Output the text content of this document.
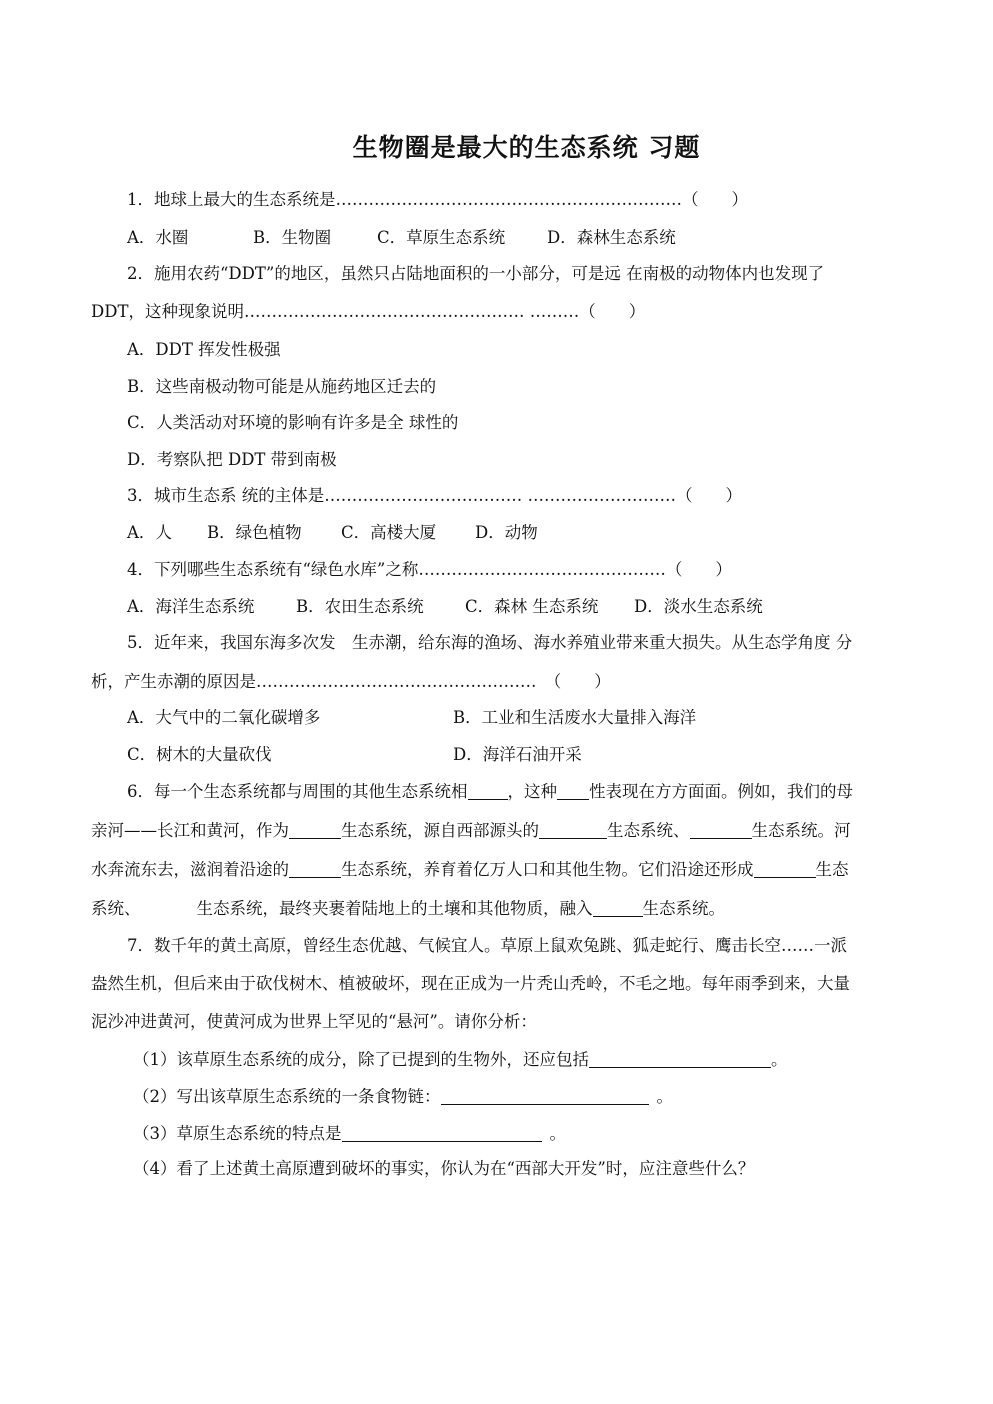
生物圈是最大的生态系统 习题
1．地球上最大的生态系统是………………………………………………………（　　）
A．水圈	B．生物圈	C．草原生态系统	D．森林生态系统
2．施用农药“DDT”的地区，虽然只占陆地面积的一小部分，可是远 在南极的动物体内也发现了
DDT，这种现象说明…………………………………………… ………（　　）
A．DDT 挥发性极强
B．这些南极动物可能是从施药地区迁去的
C．人类活动对环境的影响有许多是全 球性的
D．考察队把 DDT 带到南极
3．城市生态系 统的主体是……………………………… ………………………（　　）
A．人 B．绿色植物 C．高楼大厦 D．动物
4．下列哪些生态系统有“绿色水库”之称………………………………………（　　）
A．海洋生态系统	B．农田生态系统	C．森林 生态系统 D．淡水生态系统
5．近年来，我国东海多次发　生赤潮，给东海的渔场、海水养殖业带来重大损失。从生态学角度 分
析，产生赤潮的原因是……………………………………………　（　　）
A．大气中的二氧化碳增多	B．工业和生活废水大量排入海洋
C．树木的大量砍伐	D．海洋石油开采
6．每一个生态系统都与周围的其他生态系统相 ，这种 性表现在方方面面。例如，我们的母
亲河——长江和黄河，作为	生态系统，源自西部源头的	生态系统、	生态系统。河
水奔流东去，滋润着沿途的	生态系统，养育着亿万人口和其他生物。它们沿途还形成	生态
系统、	生态系统，最终夹裹着陆地上的土壤和其他物质，融入	生态系统。
7．数千年的黄土高原，曾经生态优越、气候宜人。草原上鼠欢兔跳、狐走蛇行、鹰击长空……一派
盎然生机，但后来由于砍伐树木、植被破坏，现在正成为一片秃山秃岭，不毛之地。每年雨季到来，大量
泥沙冲进黄河，使黄河成为世界上罕见的“悬河”。请你分析：
（1）该草原生态系统的成分，除了已提到的生物外，还应包括	。
（2）写出该草原生态系统的一条食物链：	。
（3）草原生态系统的特点是	。
（4）看了上述黄土高原遭到破坏的事实，你认为在“西部大开发”时，应注意些什么？
